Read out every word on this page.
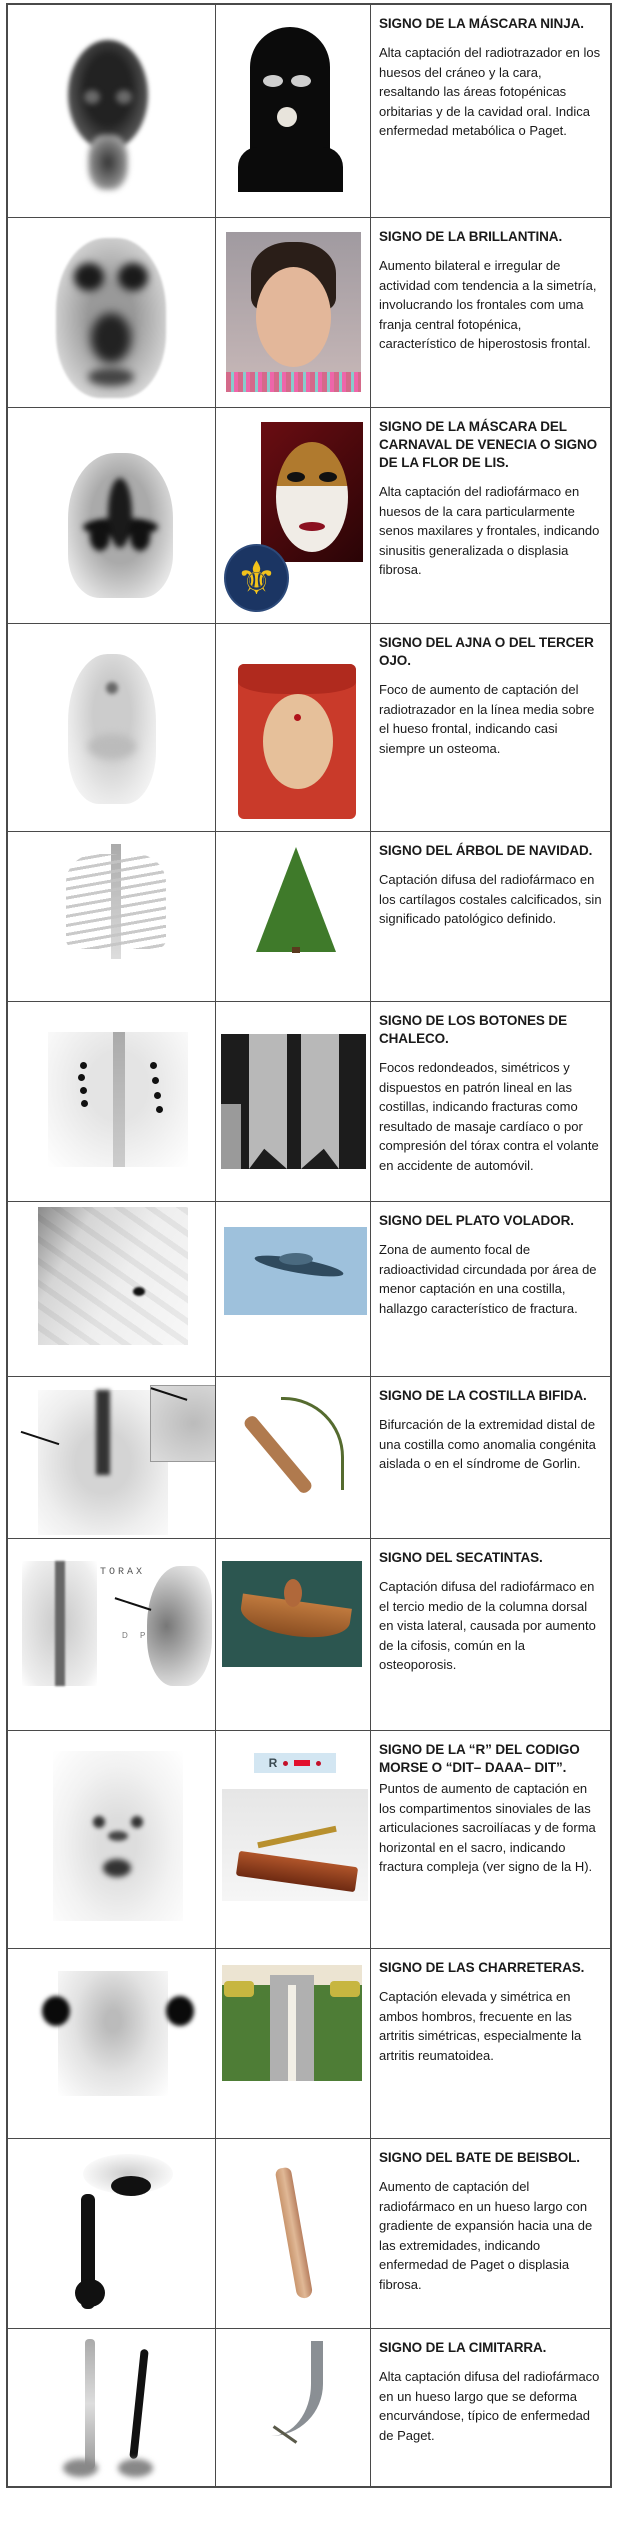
SIGNO DE LA MÁSCARA NINJA.

Alta captación del radiotrazador en los huesos del cráneo y la cara, resaltando las áreas fotopénicas orbitarias y de la cavidad oral. Indica enfermedad metabólica o Paget.

SIGNO DE LA BRILLANTINA.

Aumento bilateral e irregular de actividad com tendencia a la simetría, involucrando los frontales com uma franja central fotopénica, característico de hiperostosis frontal.

⚜

SIGNO DE LA MÁSCARA DEL CARNAVAL DE VENECIA O SIGNO DE LA FLOR DE LIS.

Alta captación del radiofármaco en huesos de la cara particularmente senos maxilares y frontales, indicando sinusitis generalizada o displasia fibrosa.

SIGNO DEL AJNA O DEL TERCER OJO.

Foco de aumento de captación del radiotrazador en la línea media sobre el hueso frontal, indicando casi siempre un osteoma.

SIGNO DEL ÁRBOL DE NAVIDAD.

Captación difusa del radiofármaco en los cartílagos costales calcificados, sin significado patológico definido.

SIGNO DE LOS BOTONES DE CHALECO.

Focos redondeados, simétricos y dispuestos en patrón lineal en las costillas, indicando fracturas como resultado de masaje cardíaco o por compresión del tórax contra el volante en accidente de automóvil.

SIGNO DEL PLATO VOLADOR.

Zona de aumento focal de radioactividad circundada por área de menor captación en una costilla, hallazgo característico de fractura.

SIGNO DE LA COSTILLA BIFIDA.

Bifurcación de la extremidad distal de una costilla como anomalia congénita aislada o en el síndrome de Gorlin.

TORAX
D P

SIGNO DEL SECATINTAS.

Captación difusa del radiofármaco en el tercio medio de la columna dorsal en vista lateral, causada por aumento de la cifosis, común en la osteoporosis.

R

SIGNO DE LA “R” DEL CODIGO MORSE O “DIT– DAAA– DIT”.

Puntos de aumento de captación en los compartimentos sinoviales de las articulaciones sacroilíacas y de forma horizontal en el sacro, indicando fractura compleja (ver signo de la H).

SIGNO DE LAS CHARRETERAS.

Captación elevada y simétrica en ambos hombros, frecuente en las artritis simétricas, especialmente la artritis reumatoidea.

SIGNO DEL BATE DE BEISBOL.

Aumento de captación del radiofármaco en un hueso largo con gradiente de expansión hacia una de las extremidades, indicando enfermedad de Paget o displasia fibrosa.

SIGNO DE LA CIMITARRA.

Alta captación difusa del radiofármaco en un hueso largo que se deforma encurvándose, típico de enfermedad de Paget.
